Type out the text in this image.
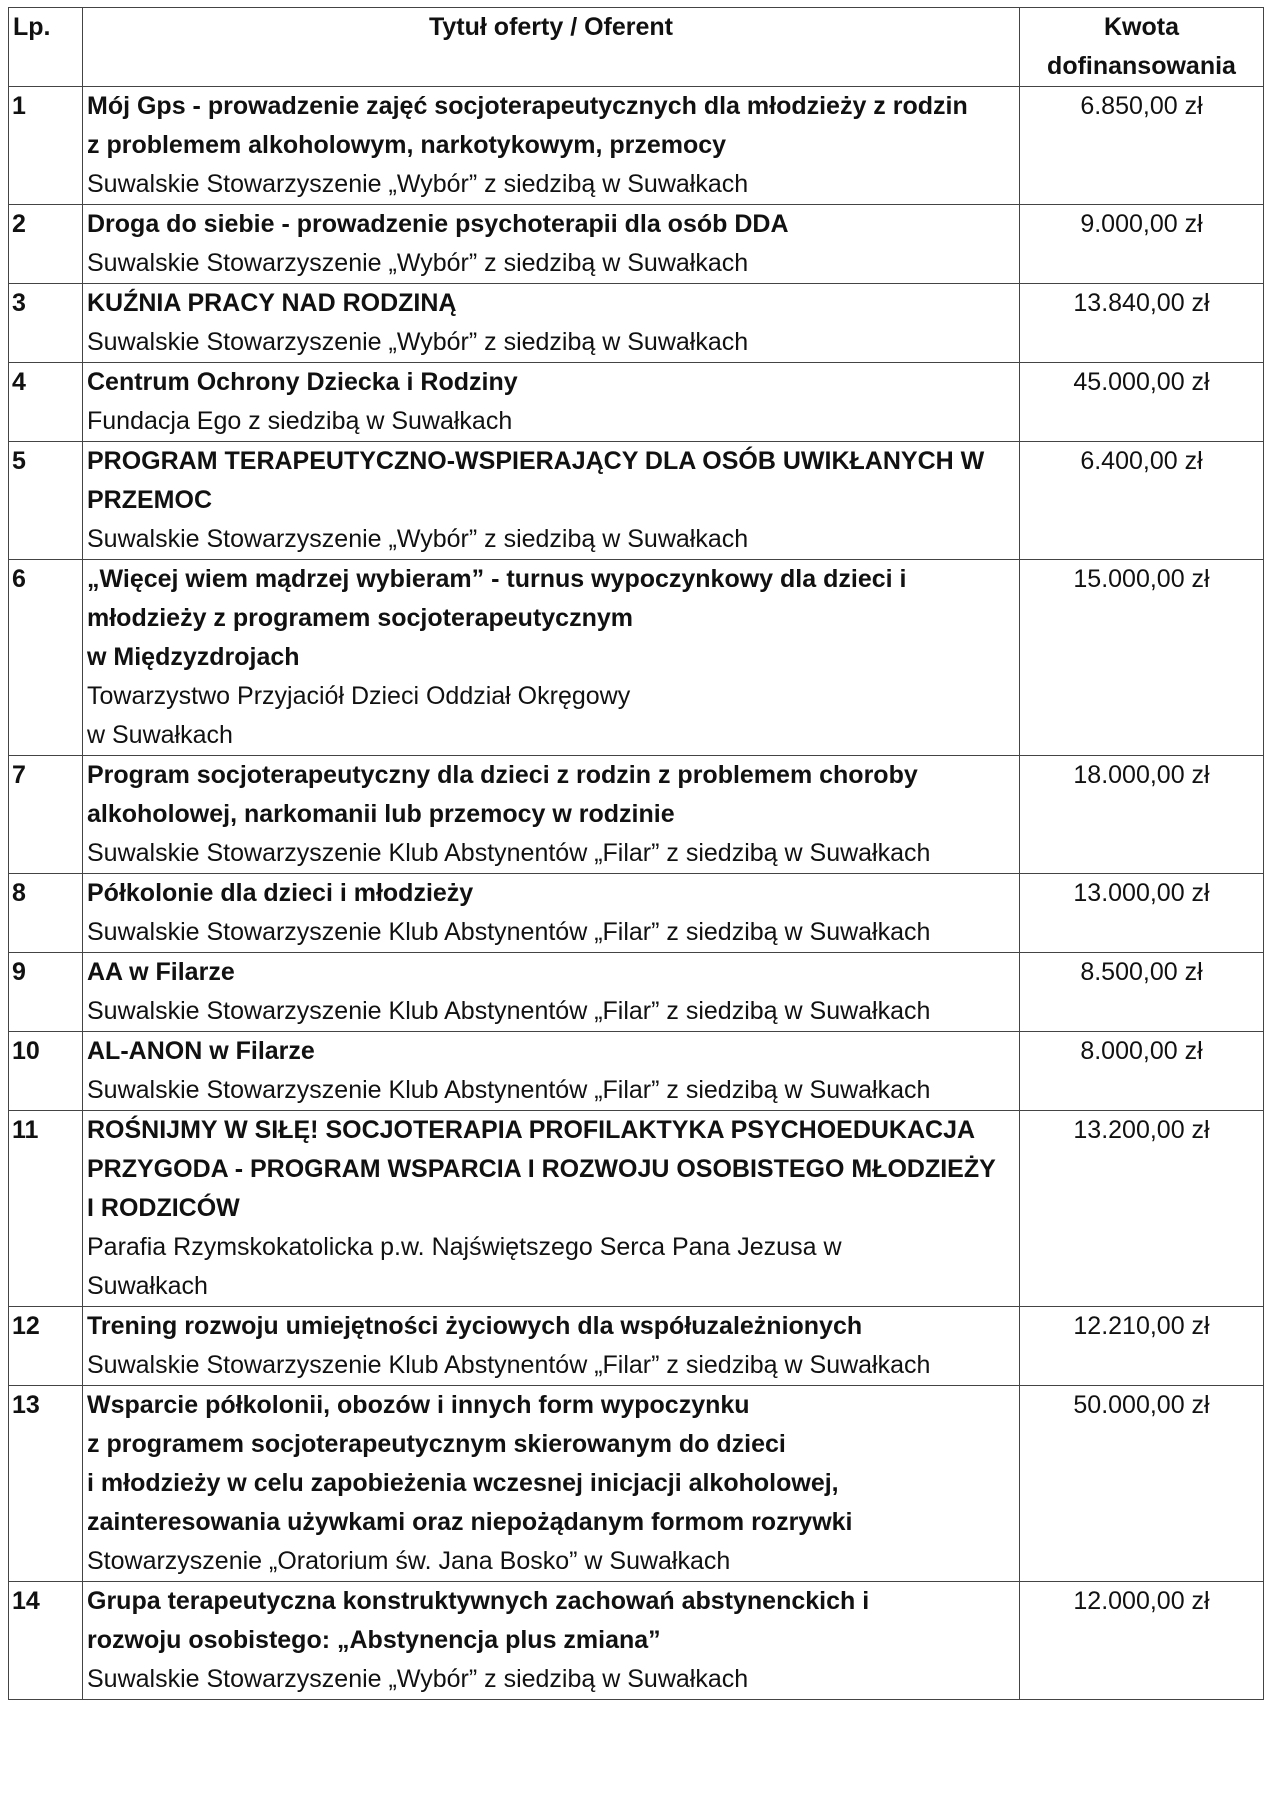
Lp.	Tytuł oferty / Oferent	Kwota
dofinansowania

1	Mój Gps - prowadzenie zajęć socjoterapeutycznych dla młodzieży z rodzin
z problemem alkoholowym, narkotykowym, przemocy
Suwalskie Stowarzyszenie „Wybór” z siedzibą w Suwałkach	6.850,00 zł
2	Droga do siebie - prowadzenie psychoterapii dla osób DDA
Suwalskie Stowarzyszenie „Wybór” z siedzibą w Suwałkach	9.000,00 zł
3	KUŹNIA PRACY NAD RODZINĄ
Suwalskie Stowarzyszenie „Wybór” z siedzibą w Suwałkach	13.840,00 zł
4	Centrum Ochrony Dziecka i Rodziny
Fundacja Ego z siedzibą w Suwałkach	45.000,00 zł
5	PROGRAM TERAPEUTYCZNO-WSPIERAJĄCY DLA OSÓB UWIKŁANYCH W
PRZEMOC
Suwalskie Stowarzyszenie „Wybór” z siedzibą w Suwałkach	6.400,00 zł
6	„Więcej wiem mądrzej wybieram” - turnus wypoczynkowy dla dzieci i
młodzieży z programem socjoterapeutycznym
w Międzyzdrojach
Towarzystwo Przyjaciół Dzieci Oddział Okręgowy
w Suwałkach	15.000,00 zł
7	Program socjoterapeutyczny dla dzieci z rodzin z problemem choroby
alkoholowej, narkomanii lub przemocy w rodzinie
Suwalskie Stowarzyszenie Klub Abstynentów „Filar” z siedzibą w Suwałkach	18.000,00 zł
8	Półkolonie dla dzieci i młodzieży
Suwalskie Stowarzyszenie Klub Abstynentów „Filar” z siedzibą w Suwałkach	13.000,00 zł
9	AA w Filarze
Suwalskie Stowarzyszenie Klub Abstynentów „Filar” z siedzibą w Suwałkach	8.500,00 zł
10	AL-ANON w Filarze
Suwalskie Stowarzyszenie Klub Abstynentów „Filar” z siedzibą w Suwałkach	8.000,00 zł
11	ROŚNIJMY W SIŁĘ! SOCJOTERAPIA PROFILAKTYKA PSYCHOEDUKACJA
PRZYGODA - PROGRAM WSPARCIA I ROZWOJU OSOBISTEGO MŁODZIEŻY
I RODZICÓW
Parafia Rzymskokatolicka p.w. Najświętszego Serca Pana Jezusa w
Suwałkach	13.200,00 zł
12	Trening rozwoju umiejętności życiowych dla współuzależnionych
Suwalskie Stowarzyszenie Klub Abstynentów „Filar” z siedzibą w Suwałkach	12.210,00 zł
13	Wsparcie półkolonii, obozów i innych form wypoczynku
z programem socjoterapeutycznym skierowanym do dzieci
i młodzieży w celu zapobieżenia wczesnej inicjacji alkoholowej,
zainteresowania używkami oraz niepożądanym formom rozrywki
Stowarzyszenie „Oratorium św. Jana Bosko” w Suwałkach	50.000,00 zł
14	Grupa terapeutyczna konstruktywnych zachowań abstynenckich i
rozwoju osobistego: „Abstynencja plus zmiana”
Suwalskie Stowarzyszenie „Wybór” z siedzibą w Suwałkach	12.000,00 zł
